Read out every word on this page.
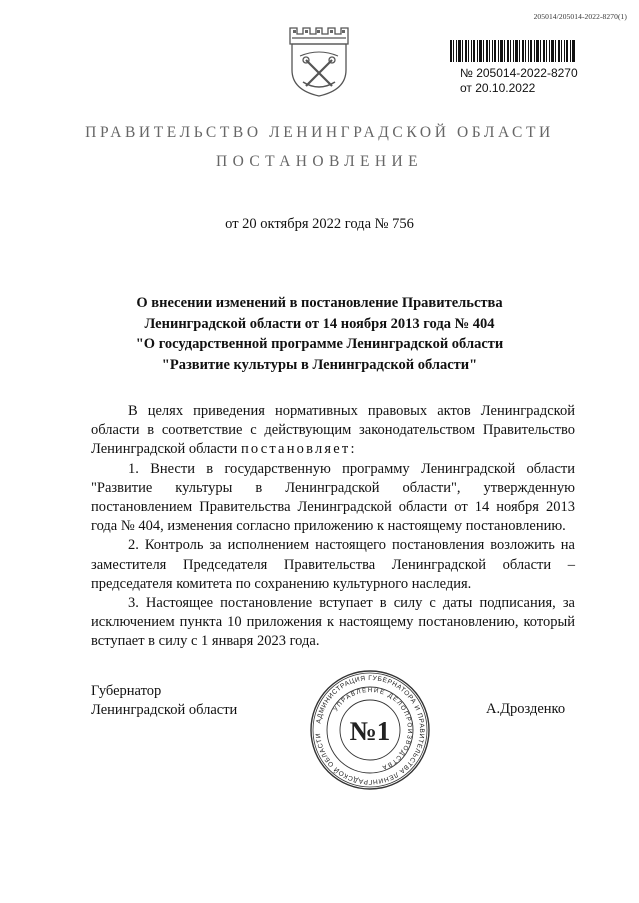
205014/205014-2022-8270(1)
№ 205014-2022-8270
от 20.10.2022
ПРАВИТЕЛЬСТВО ЛЕНИНГРАДСКОЙ ОБЛАСТИ
ПОСТАНОВЛЕНИЕ
от 20 октября 2022 года № 756
О внесении изменений в постановление Правительства
Ленинградской области от 14 ноября 2013 года № 404
"О государственной программе Ленинградской области
"Развитие культуры в Ленинградской области"

В целях приведения нормативных правовых актов Ленинградской области в соответствие с действующим законодательством Правительство Ленинградской области постановляет:

1. Внести в государственную программу Ленинградской области "Развитие культуры в Ленинградской области", утвержденную постановлением Правительства Ленинградской области от 14 ноября 2013 года № 404, изменения согласно приложению к настоящему постановлению.

2. Контроль за исполнением настоящего постановления возложить на заместителя Председателя Правительства Ленинградской области – председателя комитета по сохранению культурного наследия.

3. Настоящее постановление вступает в силу с даты подписания, за исключением пункта 10 приложения к настоящему постановлению, который вступает в силу с 1 января 2023 года.

Губернатор
Ленинградской области
АДМИНИСТРАЦИЯ ГУБЕРНАТОРА И ПРАВИТЕЛЬСТВА ЛЕНИНГРАДСКОЙ ОБЛАСТИ
УПРАВЛЕНИЕ ДЕЛОПРОИЗВОДСТВА
№1
А.Дрозденко
